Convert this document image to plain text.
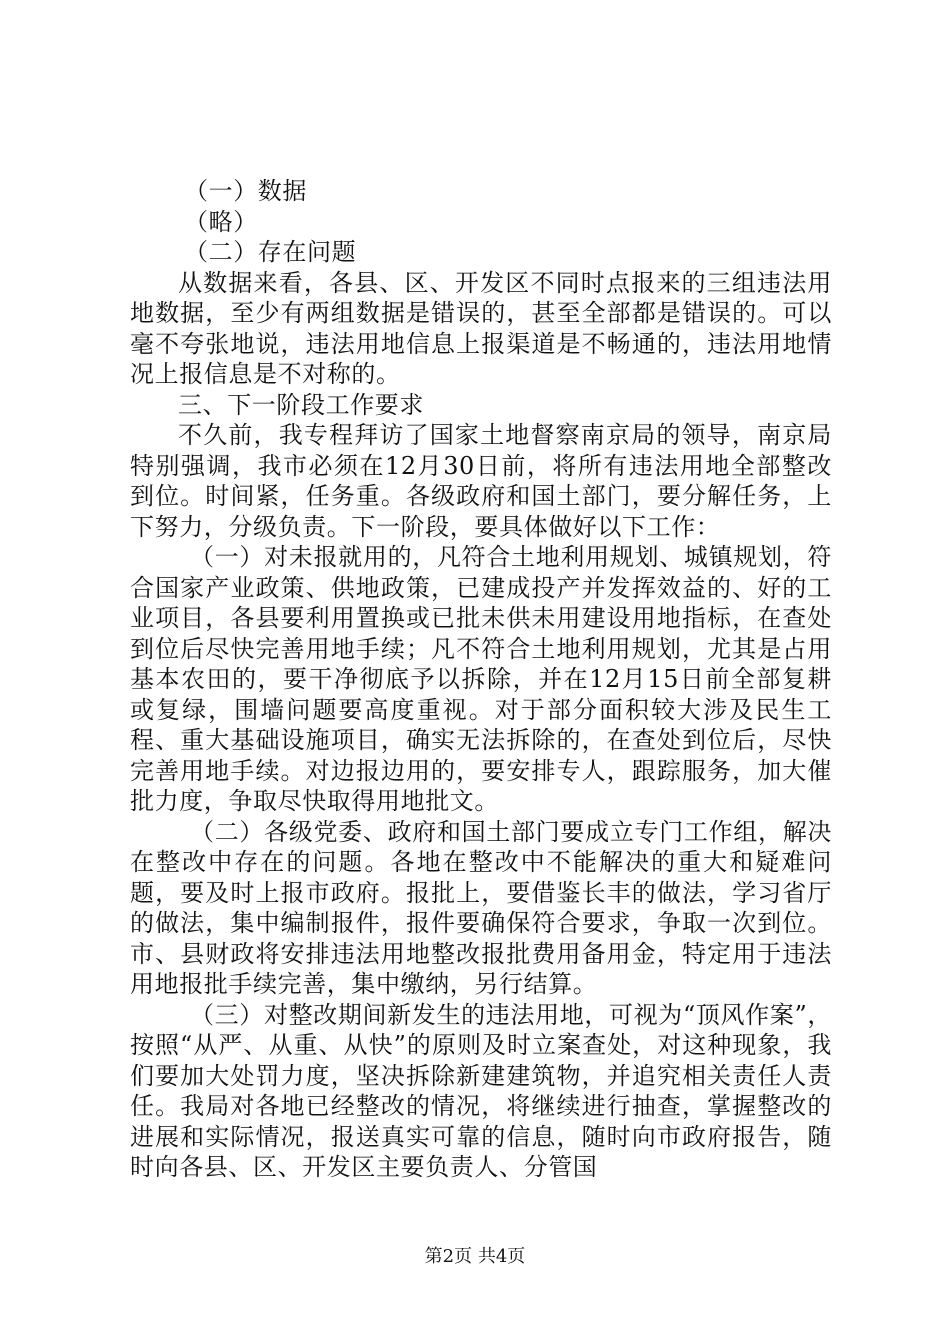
（一）数据

（略）

（二）存在问题

从数据来看，各县、区、开发区不同时点报来的三组违法用地数据，至少有两组数据是错误的，甚至全部都是错误的。可以毫不夸张地说，违法用地信息上报渠道是不畅通的，违法用地情况上报信息是不对称的。

三、下一阶段工作要求

不久前，我专程拜访了国家土地督察南京局的领导，南京局特别强调，我市必须在12月30日前，将所有违法用地全部整改到位。时间紧，任务重。各级政府和国土部门，要分解任务，上下努力，分级负责。下一阶段，要具体做好以下工作：

（一）对未报就用的，凡符合土地利用规划、城镇规划，符合国家产业政策、供地政策，已建成投产并发挥效益的、好的工业项目，各县要利用置换或已批未供未用建设用地指标，在查处到位后尽快完善用地手续；凡不符合土地利用规划，尤其是占用基本农田的，要干净彻底予以拆除，并在12月15日前全部复耕或复绿，围墙问题要高度重视。对于部分面积较大涉及民生工程、重大基础设施项目，确实无法拆除的，在查处到位后，尽快完善用地手续。对边报边用的，要安排专人，跟踪服务，加大催批力度，争取尽快取得用地批文。

（二）各级党委、政府和国土部门要成立专门工作组，解决在整改中存在的问题。各地在整改中不能解决的重大和疑难问题，要及时上报市政府。报批上，要借鉴长丰的做法，学习省厅的做法，集中编制报件，报件要确保符合要求，争取一次到位。市、县财政将安排违法用地整改报批费用备用金，特定用于违法用地报批手续完善，集中缴纳，另行结算。

（三）对整改期间新发生的违法用地，可视为“顶风作案”，按照“从严、从重、从快”的原则及时立案查处，对这种现象，我们要加大处罚力度，坚决拆除新建建筑物，并追究相关责任人责任。我局对各地已经整改的情况，将继续进行抽查，掌握整改的进展和实际情况，报送真实可靠的信息，随时向市政府报告，随时向各县、区、开发区主要负责人、分管国

第2页 共4页
